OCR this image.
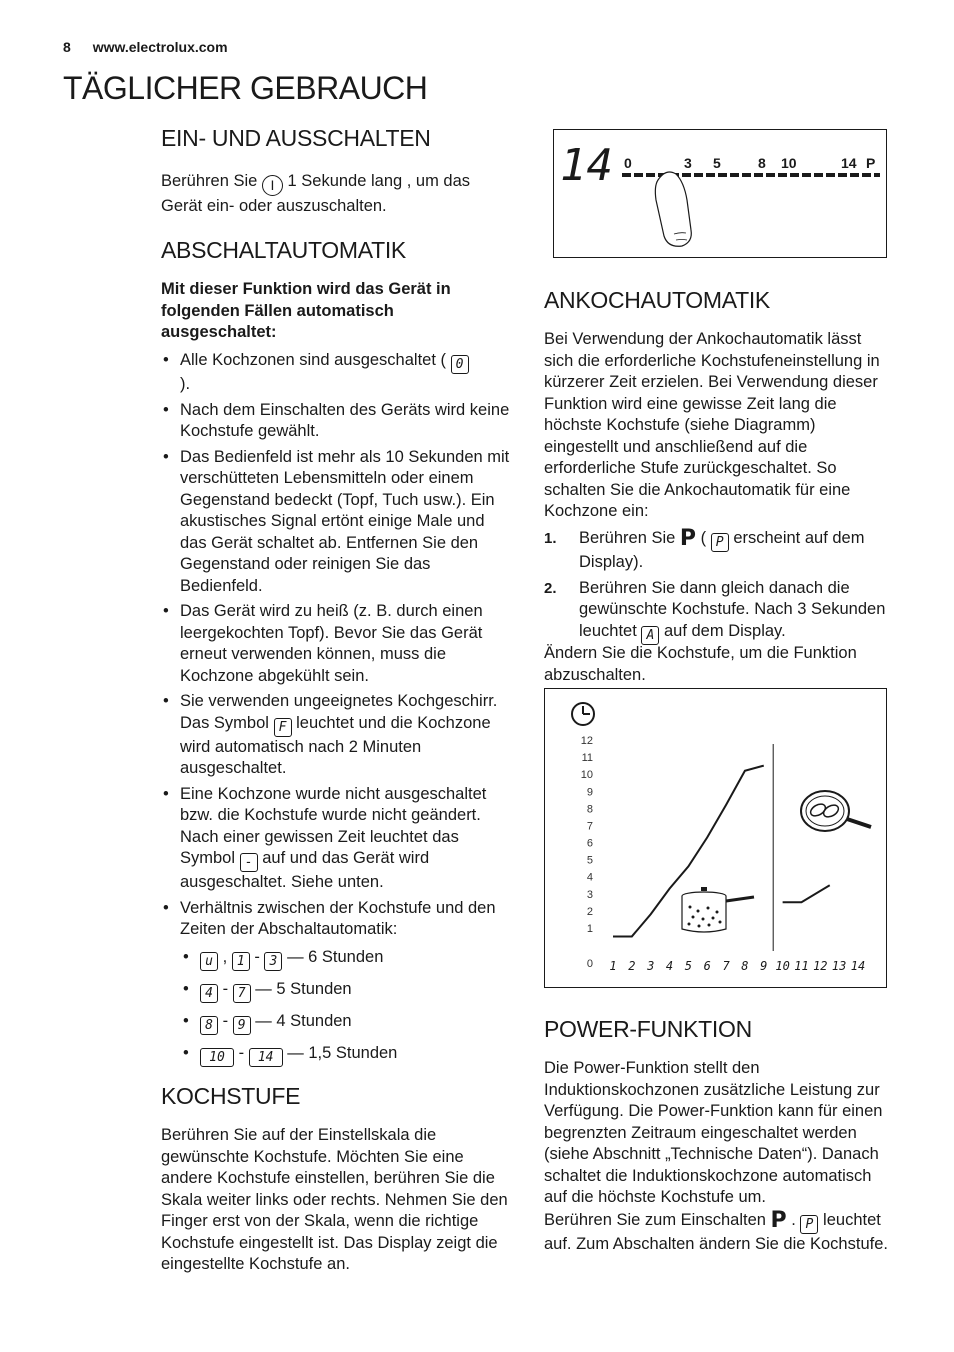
8 www.electrolux.com
TÄGLICHER GEBRAUCH
EIN- UND AUSSCHALTEN

Berühren Sie I 1 Sekunde lang , um das Gerät ein- oder auszuschalten.

ABSCHALTAUTOMATIK

Mit dieser Funktion wird das Gerät in folgenden Fällen automatisch ausgeschaltet:

• Alle Kochzonen sind ausgeschaltet ( 0
).
• Nach dem Einschalten des Geräts wird keine Kochstufe gewählt.
• Das Bedienfeld ist mehr als 10 Sekunden mit verschütteten Lebensmitteln oder einem Gegenstand bedeckt (Topf, Tuch usw.). Ein akustisches Signal ertönt einige Male und das Gerät schaltet ab. Entfernen Sie den Gegenstand oder reinigen Sie das Bedienfeld.
• Das Gerät wird zu heiß (z. B. durch einen leergekochten Topf). Bevor Sie das Gerät erneut verwenden können, muss die Kochzone abgekühlt sein.
• Sie verwenden ungeeignetes Kochgeschirr. Das Symbol F leuchtet und die Kochzone wird automatisch nach 2 Minuten ausgeschaltet.
• Eine Kochzone wurde nicht ausgeschaltet bzw. die Kochstufe wurde nicht geändert. Nach einer gewissen Zeit leuchtet das Symbol - auf und das Gerät wird ausgeschaltet. Siehe unten.
• Verhältnis zwischen der Kochstufe und den Zeiten der Abschaltautomatik:
• u , 1 - 3 — 6 Stunden
• 4 - 7 — 5 Stunden
• 8 - 9 — 4 Stunden
• 10 - 14 — 1,5 Stunden
KOCHSTUFE

Berühren Sie auf der Einstellskala die gewünschte Kochstufe. Möchten Sie eine andere Kochstufe einstellen, berühren Sie die Skala weiter links oder rechts. Nehmen Sie den Finger erst von der Skala, wenn die richtige Kochstufe eingestellt ist. Das Display zeigt die eingestellte Kochstufe an.

14 0	3 5	8 10	14 P
ANKOCHAUTOMATIK

Bei Verwendung der Ankochautomatik lässt sich die erforderliche Kochstufeneinstellung in kürzerer Zeit erzielen. Bei Verwendung dieser Funktion wird eine gewisse Zeit lang die höchste Kochstufe (siehe Diagramm) eingestellt und anschließend auf die erforderliche Stufe zurückgeschaltet. So schalten Sie die Ankochautomatik für eine Kochzone ein:

1. Berühren Sie P ( P erscheint auf dem Display).
2. Berühren Sie dann gleich danach die gewünschte Kochstufe. Nach 3 Sekunden leuchtet A auf dem Display.

Ändern Sie die Kochstufe, um die Funktion abzuschalten.

POWER-FUNKTION

Die Power-Funktion stellt den Induktionskochzonen zusätzliche Leistung zur Verfügung. Die Power-Funktion kann für einen begrenzten Zeitraum eingeschaltet werden (siehe Abschnitt „Technische Daten“). Danach schaltet die Induktionskochzone automatisch auf die höchste Kochstufe um.

Berühren Sie zum Einschalten P . P leuchtet auf. Zum Abschalten ändern Sie die Kochstufe.

0
1
2
3
4
5
6
7
8
9
10
11
12
1 2 3 4 5 6 7 8 9 10 11 12 13 14
